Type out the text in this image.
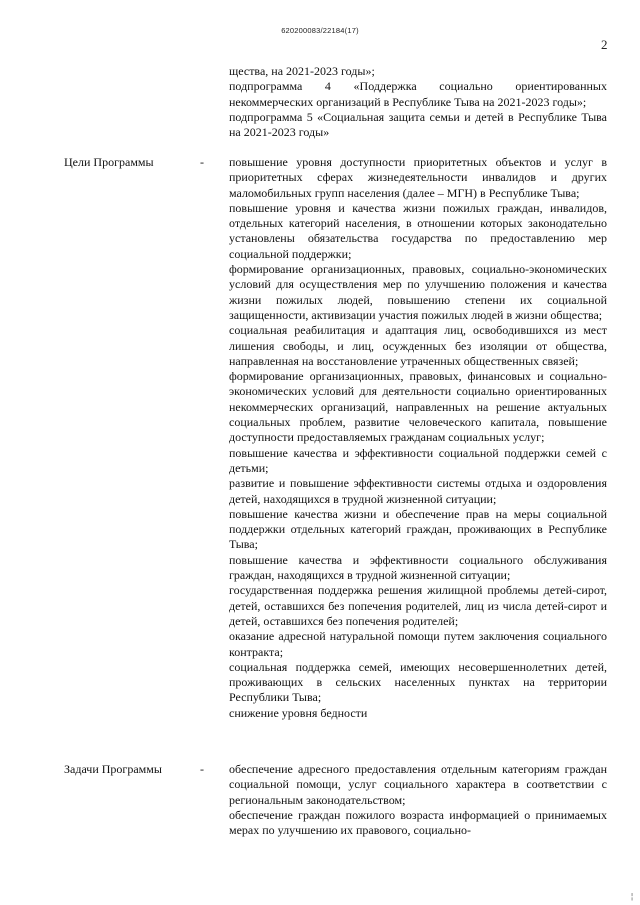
620200083/22184(17)
2

щества, на 2021-2023 годы»;

подпрограмма 4 «Поддержка социально ориентированных некоммерческих организаций в Республике Тыва на 2021-2023 годы»;

подпрограмма 5 «Социальная защита семьи и детей в Республике Тыва на 2021-2023 годы»

Цели Программы	- повышение уровня доступности приоритетных объектов и услуг в приоритетных сферах жизнедеятельности инвалидов и других маломобильных групп населения (далее – МГН) в Республике Тыва;

повышение уровня и качества жизни пожилых граждан, инвалидов, отдельных категорий населения, в отношении которых законодательно установлены обязательства государства по предоставлению мер социальной поддержки;

формирование организационных, правовых, социально-экономических условий для осуществления мер по улучшению положения и качества жизни пожилых людей, повышению степени их социальной защищенности, активизации участия пожилых людей в жизни общества;

социальная реабилитация и адаптация лиц, освободившихся из мест лишения свободы, и лиц, осужденных без изоляции от общества, направленная на восстановление утраченных общественных связей;

формирование организационных, правовых, финансовых и социально-экономических условий для деятельности социально ориентированных некоммерческих организаций, направленных на решение актуальных социальных проблем, развитие человеческого капитала, повышение доступности предоставляемых гражданам социальных услуг;

повышение качества и эффективности социальной поддержки семей с детьми;

развитие и повышение эффективности системы отдыха и оздоровления детей, находящихся в трудной жизненной ситуации;

повышение качества жизни и обеспечение прав на меры социальной поддержки отдельных категорий граждан, проживающих в Республике Тыва;

повышение качества и эффективности социального обслуживания граждан, находящихся в трудной жизненной ситуации;

государственная поддержка решения жилищной проблемы детей-сирот, детей, оставшихся без попечения родителей, лиц из числа детей-сирот и детей, оставшихся без попечения родителей;

оказание адресной натуральной помощи путем заключения социального контракта;

социальная поддержка семей, имеющих несовершеннолетних детей, проживающих в сельских населенных пунктах на территории Республики Тыва;

снижение уровня бедности

Задачи Программы	- обеспечение адресного предоставления отдельным категориям граждан социальной помощи, услуг социального характера в соответствии с региональным законодательством;

обеспечение граждан пожилого возраста информацией о принимаемых мерах по улучшению их правового, социально-

¦
